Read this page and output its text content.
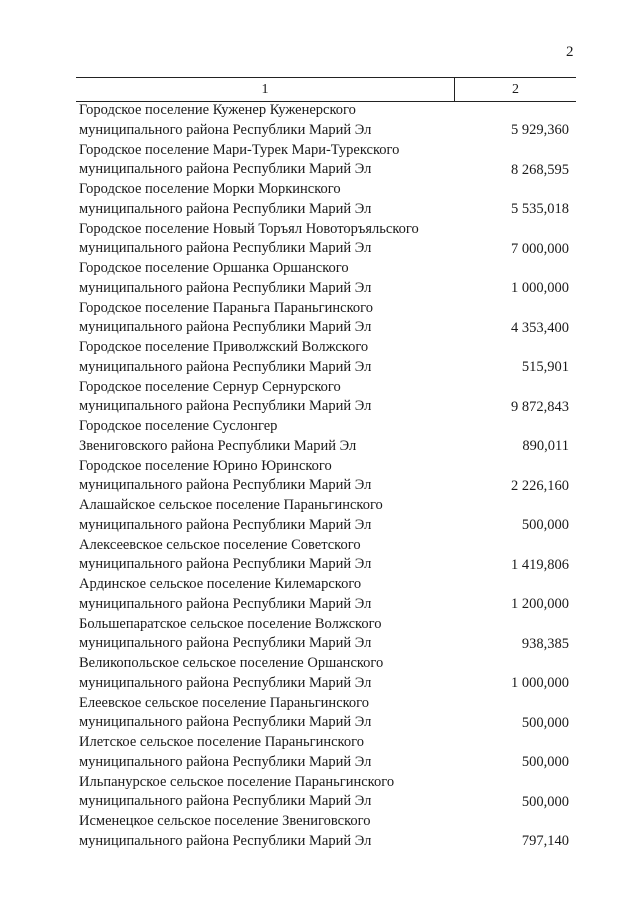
2
1	2
Городское поселение Куженер Куженерского
муниципального района Республики Марий Эл	5 929,360
Городское поселение Мари-Турек Мари-Турекского
муниципального района Республики Марий Эл	8 268,595
Городское поселение Морки Моркинского
муниципального района Республики Марий Эл	5 535,018
Городское поселение Новый Торъял Новоторъяльского
муниципального района Республики Марий Эл	7 000,000
Городское поселение Оршанка Оршанского
муниципального района Республики Марий Эл	1 000,000
Городское поселение Параньга Параньгинского
муниципального района Республики Марий Эл	4 353,400
Городское поселение Приволжский Волжского
муниципального района Республики Марий Эл	515,901
Городское поселение Сернур Сернурского
муниципального района Республики Марий Эл	9 872,843
Городское поселение Суслонгер
Звениговского района Республики Марий Эл	890,011
Городское поселение Юрино Юринского
муниципального района Республики Марий Эл	2 226,160
Алашайское сельское поселение Параньгинского
муниципального района Республики Марий Эл	500,000
Алексеевское сельское поселение Советского
муниципального района Республики Марий Эл	1 419,806
Ардинское сельское поселение Килемарского
муниципального района Республики Марий Эл	1 200,000
Большепаратское сельское поселение Волжского
муниципального района Республики Марий Эл	938,385
Великопольское сельское поселение Оршанского
муниципального района Республики Марий Эл	1 000,000
Елеевское сельское поселение Параньгинского
муниципального района Республики Марий Эл	500,000
Илетское сельское поселение Параньгинского
муниципального района Республики Марий Эл	500,000
Ильпанурское сельское поселение Параньгинского
муниципального района Республики Марий Эл	500,000
Исменецкое сельское поселение Звениговского
муниципального района Республики Марий Эл	797,140
